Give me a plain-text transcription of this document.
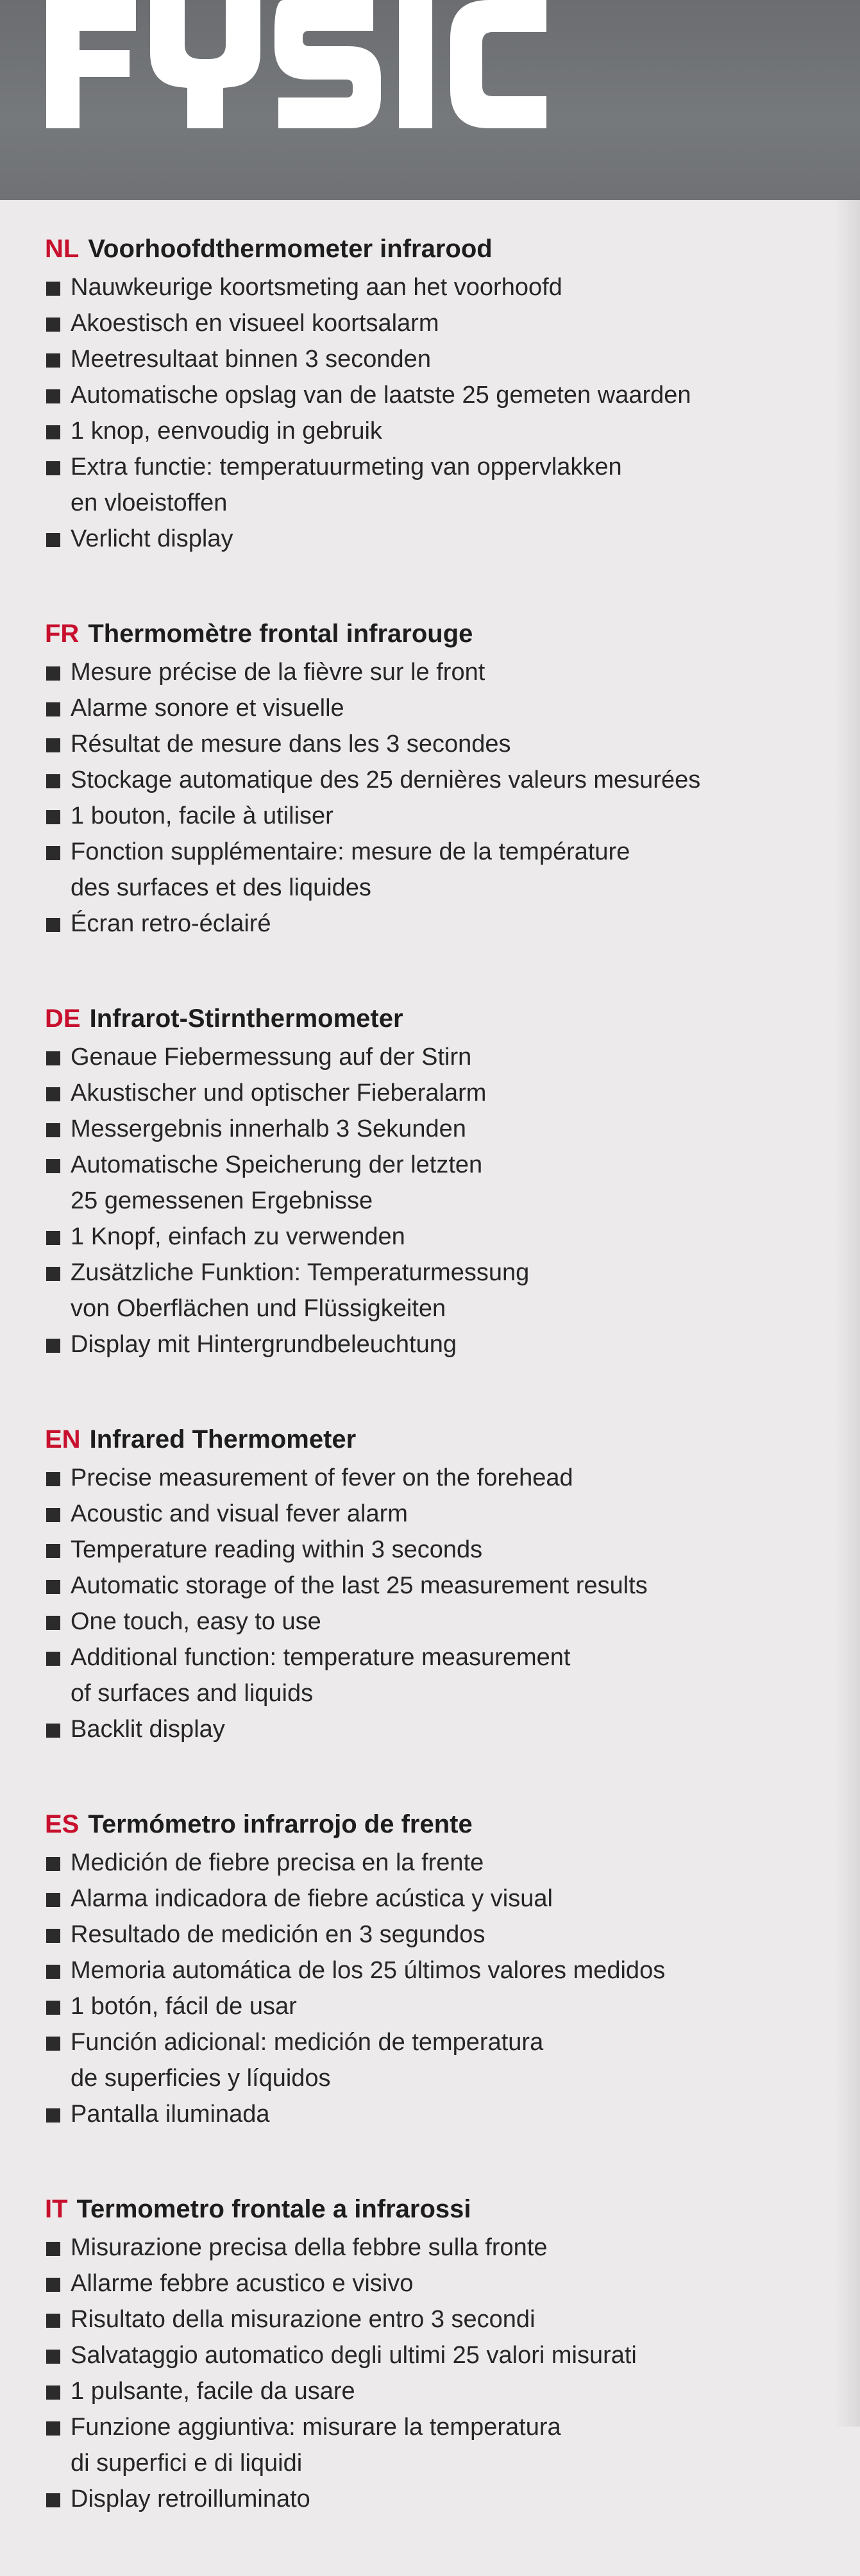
NL Voorhoofdthermometer infrarood
Nauwkeurige koortsmeting aan het voorhoofd
Akoestisch en visueel koortsalarm
Meetresultaat binnen 3 seconden
Automatische opslag van de laatste 25 gemeten waarden
1 knop, eenvoudig in gebruik
Extra functie: temperatuurmeting van oppervlakken
en vloeistoffen
Verlicht display
FR Thermomètre frontal infrarouge
Mesure précise de la fièvre sur le front
Alarme sonore et visuelle
Résultat de mesure dans les 3 secondes
Stockage automatique des 25 dernières valeurs mesurées
1 bouton, facile à utiliser
Fonction supplémentaire: mesure de la température
des surfaces et des liquides
Écran retro-éclairé
DE Infrarot-Stirnthermometer
Genaue Fiebermessung auf der Stirn
Akustischer und optischer Fieberalarm
Messergebnis innerhalb 3 Sekunden
Automatische Speicherung der letzten
25 gemessenen Ergebnisse
1 Knopf, einfach zu verwenden
Zusätzliche Funktion: Temperaturmessung
von Oberflächen und Flüssigkeiten
Display mit Hintergrundbeleuchtung
EN Infrared Thermometer
Precise measurement of fever on the forehead
Acoustic and visual fever alarm
Temperature reading within 3 seconds
Automatic storage of the last 25 measurement results
One touch, easy to use
Additional function: temperature measurement
of surfaces and liquids
Backlit display
ES Termómetro infrarrojo de frente
Medición de fiebre precisa en la frente
Alarma indicadora de fiebre acústica y visual
Resultado de medición en 3 segundos
Memoria automática de los 25 últimos valores medidos
1 botón, fácil de usar
Función adicional: medición de temperatura
de superficies y líquidos
Pantalla iluminada
IT Termometro frontale a infrarossi
Misurazione precisa della febbre sulla fronte
Allarme febbre acustico e visivo
Risultato della misurazione entro 3 secondi
Salvataggio automatico degli ultimi 25 valori misurati
1 pulsante, facile da usare
Funzione aggiuntiva: misurare la temperatura
di superfici e di liquidi
Display retroilluminato
